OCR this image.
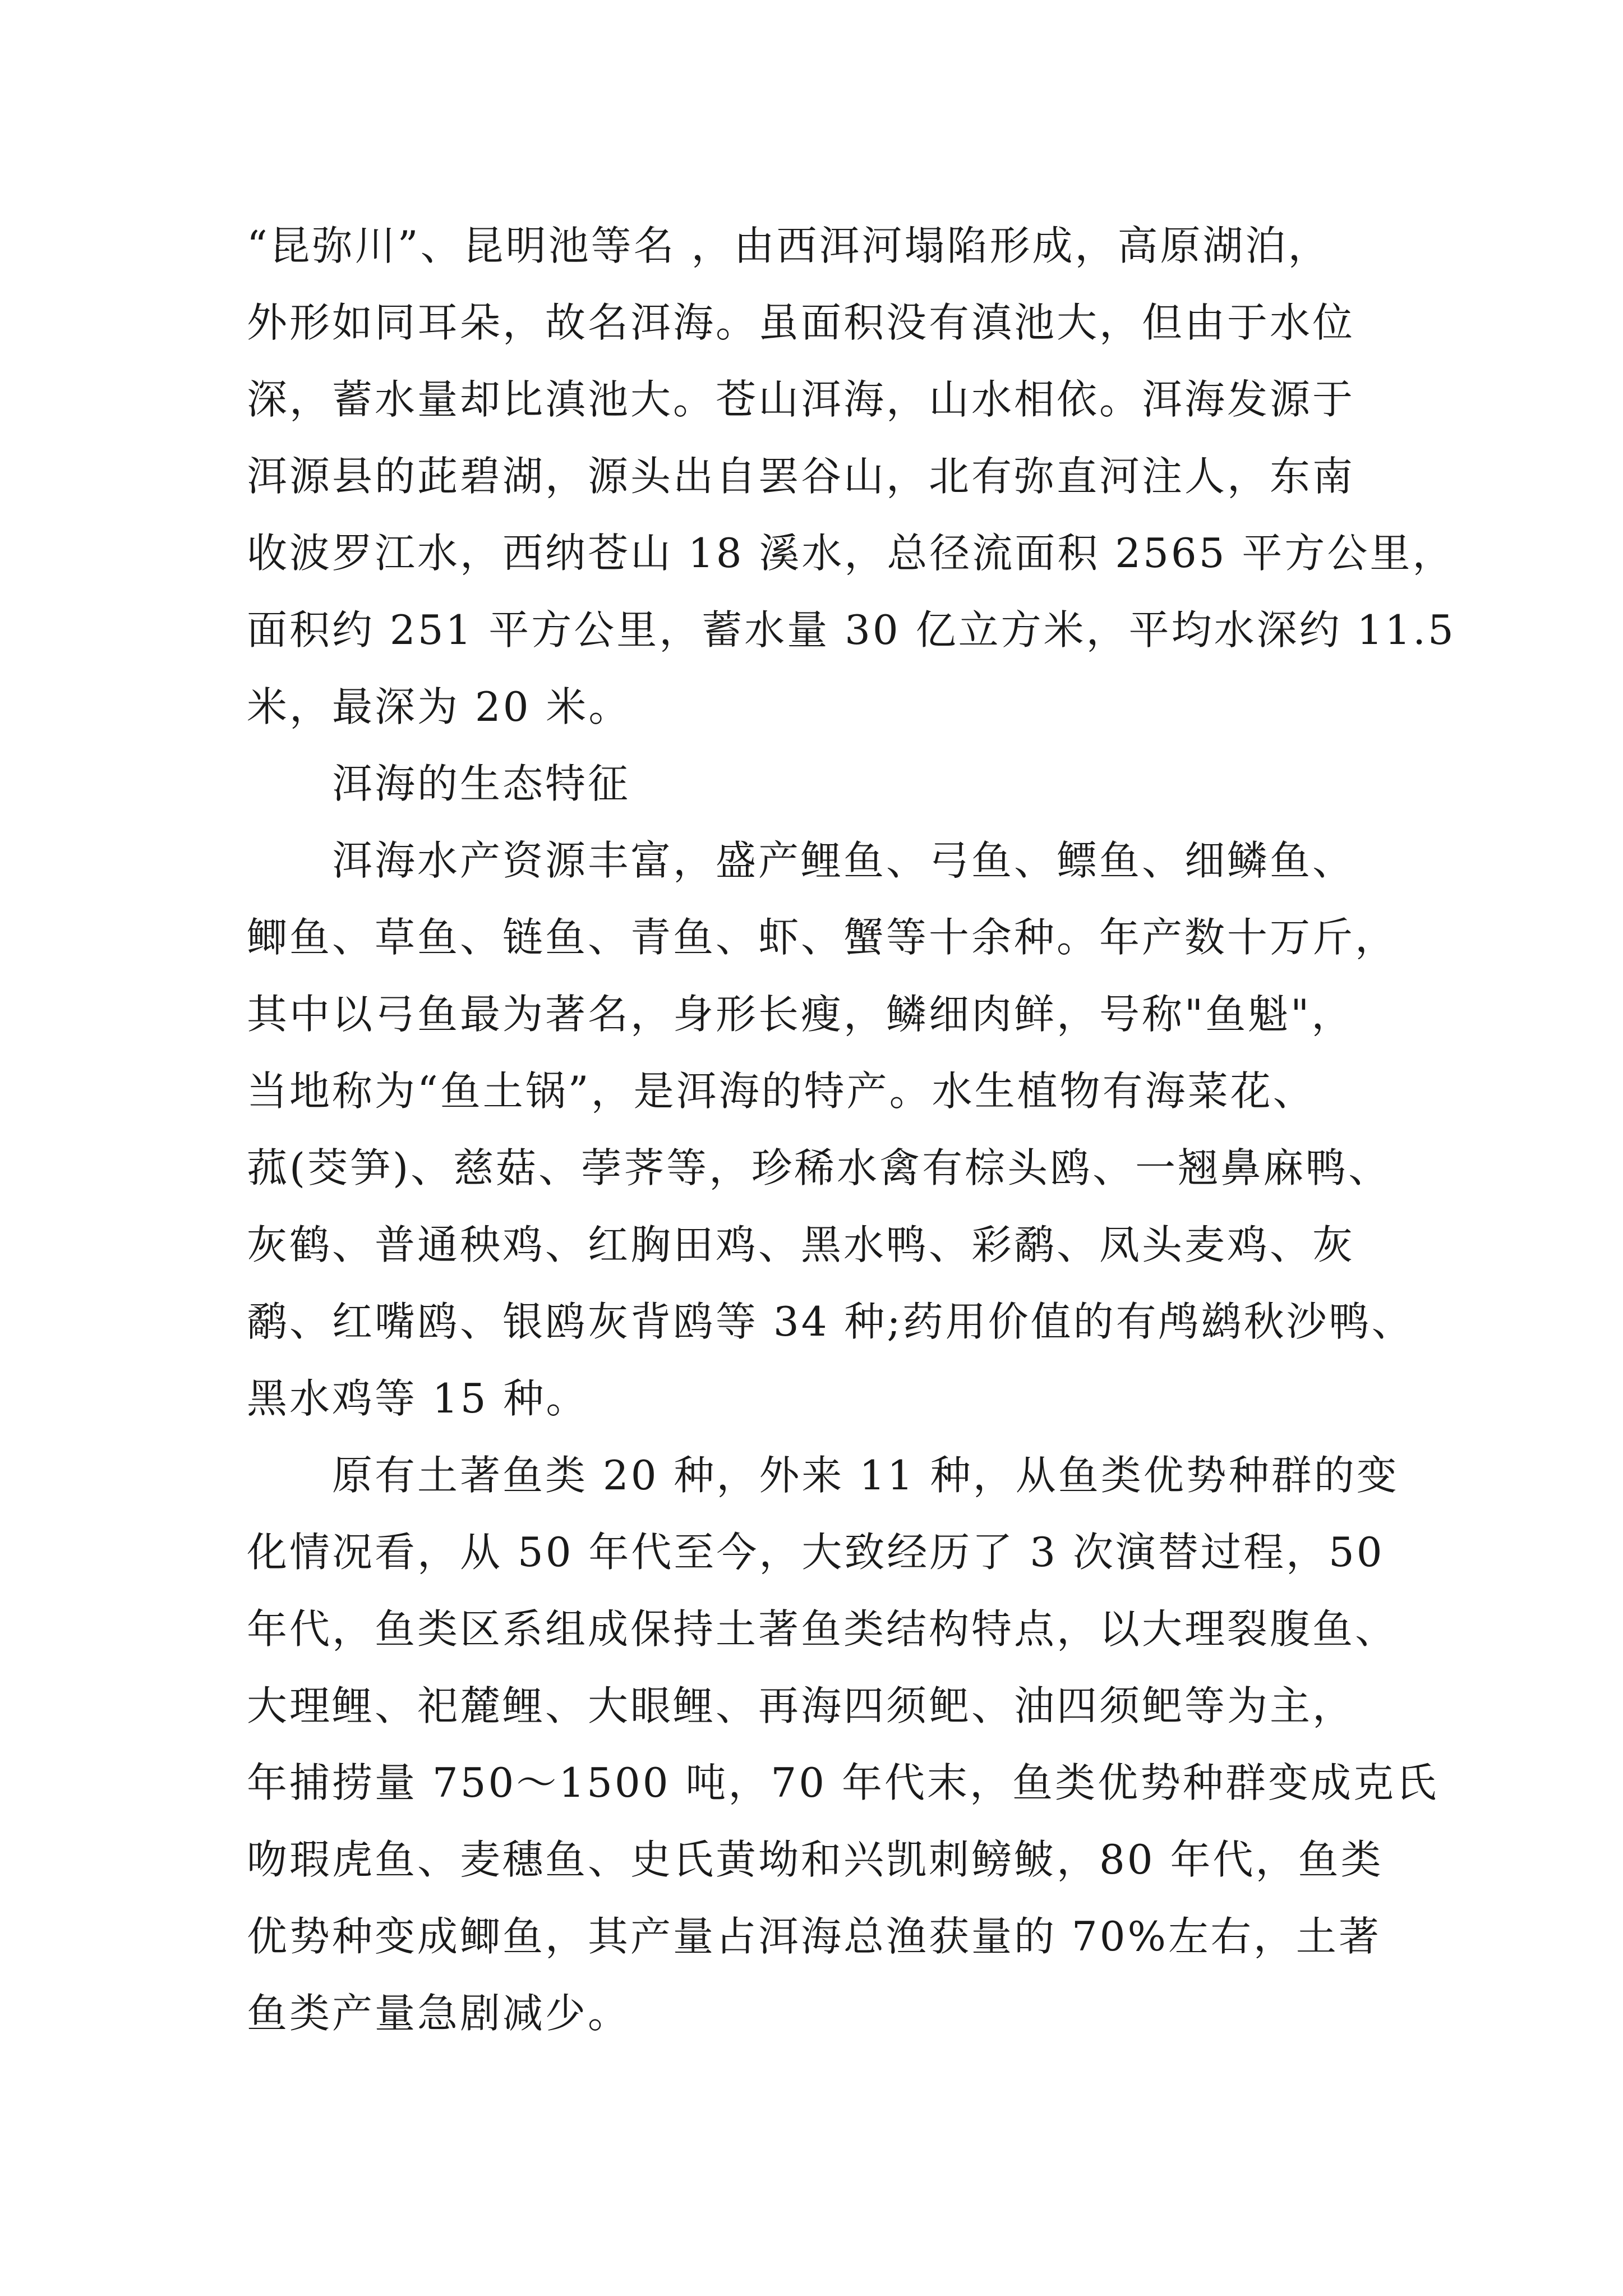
“昆弥川”、昆明池等名 ，由西洱河塌陷形成，高原湖泊，
外形如同耳朵，故名洱海。虽面积没有滇池大，但由于水位
深，蓄水量却比滇池大。苍山洱海，山水相依。洱海发源于
洱源县的茈碧湖，源头出自罢谷山，北有弥直河注人，东南
收波罗江水，西纳苍山 18 溪水，总径流面积 2565 平方公里，
面积约 251 平方公里，蓄水量 30 亿立方米，平均水深约 11.5
米，最深为 20 米。

洱海的生态特征

洱海水产资源丰富，盛产鲤鱼、弓鱼、鳔鱼、细鳞鱼、
鲫鱼、草鱼、链鱼、青鱼、虾、蟹等十余种。年产数十万斤，
其中以弓鱼最为著名，身形长瘦，鳞细肉鲜，号称"鱼魁"，
当地称为“鱼土锅”，是洱海的特产。水生植物有海菜花、
菰(茭笋)、慈菇、荸荠等，珍稀水禽有棕头鸥、一翘鼻麻鸭、
灰鹤、普通秧鸡、红胸田鸡、黑水鸭、彩鹬、凤头麦鸡、灰
鹬、红嘴鸥、银鸥灰背鸥等 34 种;药用价值的有鸬鹚秋沙鸭、
黑水鸡等 15 种。

原有土著鱼类 20 种，外来 11 种，从鱼类优势种群的变
化情况看，从 50 年代至今，大致经历了 3 次演替过程，50
年代，鱼类区系组成保持土著鱼类结构特点，以大理裂腹鱼、
大理鲤、祀麓鲤、大眼鲤、再海四须鲃、油四须鲃等为主，
年捕捞量 750～1500 吨，70 年代末，鱼类优势种群变成克氏
吻瑕虎鱼、麦穗鱼、史氏黄坳和兴凯刺鳑鲏，80 年代，鱼类
优势种变成鲫鱼，其产量占洱海总渔获量的 70%左右，土著
鱼类产量急剧减少。
